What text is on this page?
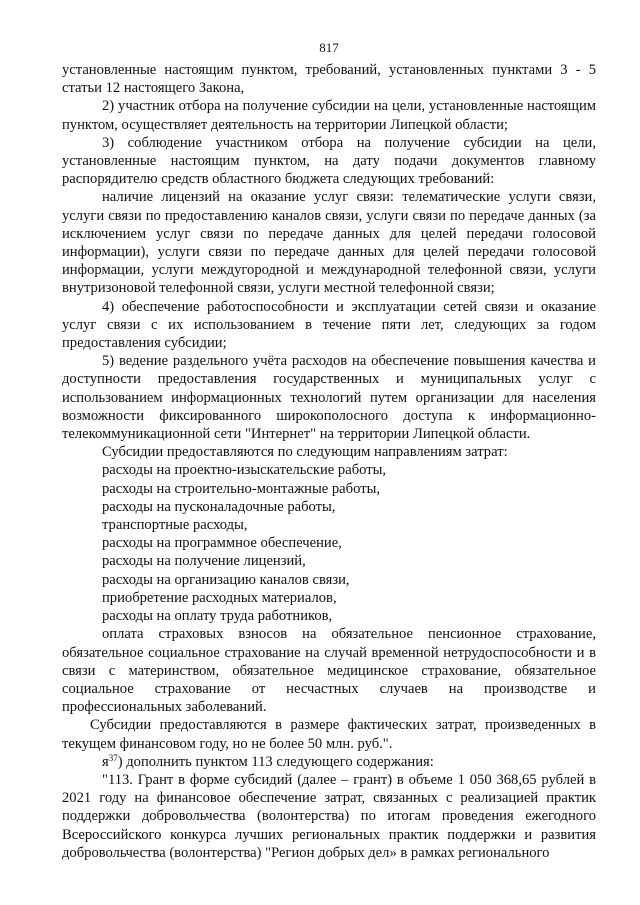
817

установленные настоящим пунктом, требований, установленных пунктами 3 - 5 статьи 12 настоящего Закона,

2) участник отбора на получение субсидии на цели, установленные настоящим пунктом, осуществляет деятельность на территории Липецкой области;

3) соблюдение участником отбора на получение субсидии на цели, установленные настоящим пунктом, на дату подачи документов главному распорядителю средств областного бюджета следующих требований:

наличие лицензий на оказание услуг связи: телематические услуги связи, услуги связи по предоставлению каналов связи, услуги связи по передаче данных (за исключением услуг связи по передаче данных для целей передачи голосовой информации), услуги связи по передаче данных для целей передачи голосовой информации, услуги междугородной и международной телефонной связи, услуги внутризоновой телефонной связи, услуги местной телефонной связи;

4) обеспечение работоспособности и эксплуатации сетей связи и оказание услуг связи с их использованием в течение пяти лет, следующих за годом предоставления субсидии;

5) ведение раздельного учёта расходов на обеспечение повышения качества и доступности предоставления государственных и муниципальных услуг с использованием информационных технологий путем организации для населения возможности фиксированного широкополосного доступа к информационно-телекоммуникационной сети "Интернет" на территории Липецкой области.

Субсидии предоставляются по следующим направлениям затрат:

расходы на проектно-изыскательские работы,

расходы на строительно-монтажные работы,

расходы на пусконаладочные работы,

транспортные расходы,

расходы на программное обеспечение,

расходы на получение лицензий,

расходы на организацию каналов связи,

приобретение расходных материалов,

расходы на оплату труда работников,

оплата страховых взносов на обязательное пенсионное страхование, обязательное социальное страхование на случай временной нетрудоспособности и в связи с материнством, обязательное медицинское страхование, обязательное социальное страхование от несчастных случаев на производстве и профессиональных заболеваний.

Субсидии предоставляются в размере фактических затрат, произведенных в текущем финансовом году, но не более 50 млн. руб.".

$я^{37}$) дополнить пунктом 113 следующего содержания:

"113. Грант в форме субсидий (далее – грант) в объеме 1 050 368,65 рублей в 2021 году на финансовое обеспечение затрат, связанных с реализацией практик поддержки добровольчества (волонтерства) по итогам проведения ежегодного Всероссийского конкурса лучших региональных практик поддержки и развития добровольчества (волонтерства) "Регион добрых дел» в рамках регионального
